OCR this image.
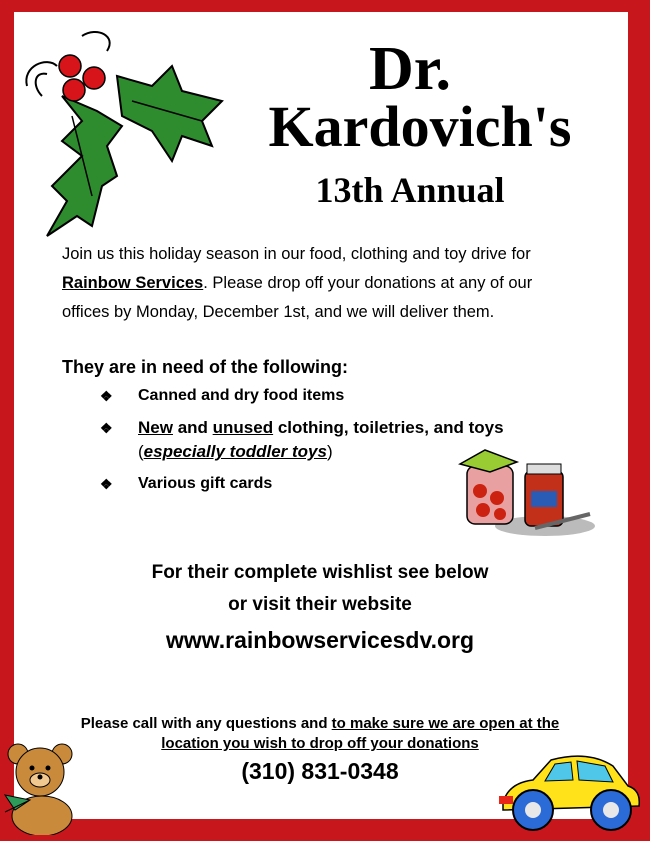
Dr.
Kardovich's
13th Annual
Join us this holiday season in our food, clothing and toy drive for Rainbow Services. Please drop off your donations at any of our offices by Monday, December 1st, and we will deliver them.
They are in need of the following:
❖ Canned and dry food items
❖ New and unused clothing, toiletries, and toys
(especially toddler toys)
❖ Various gift cards
For their complete wishlist see below
or visit their website
www.rainbowservicesdv.org
Please call with any questions and to make sure we are open at the location you wish to drop off your donations
(310) 831-0348
